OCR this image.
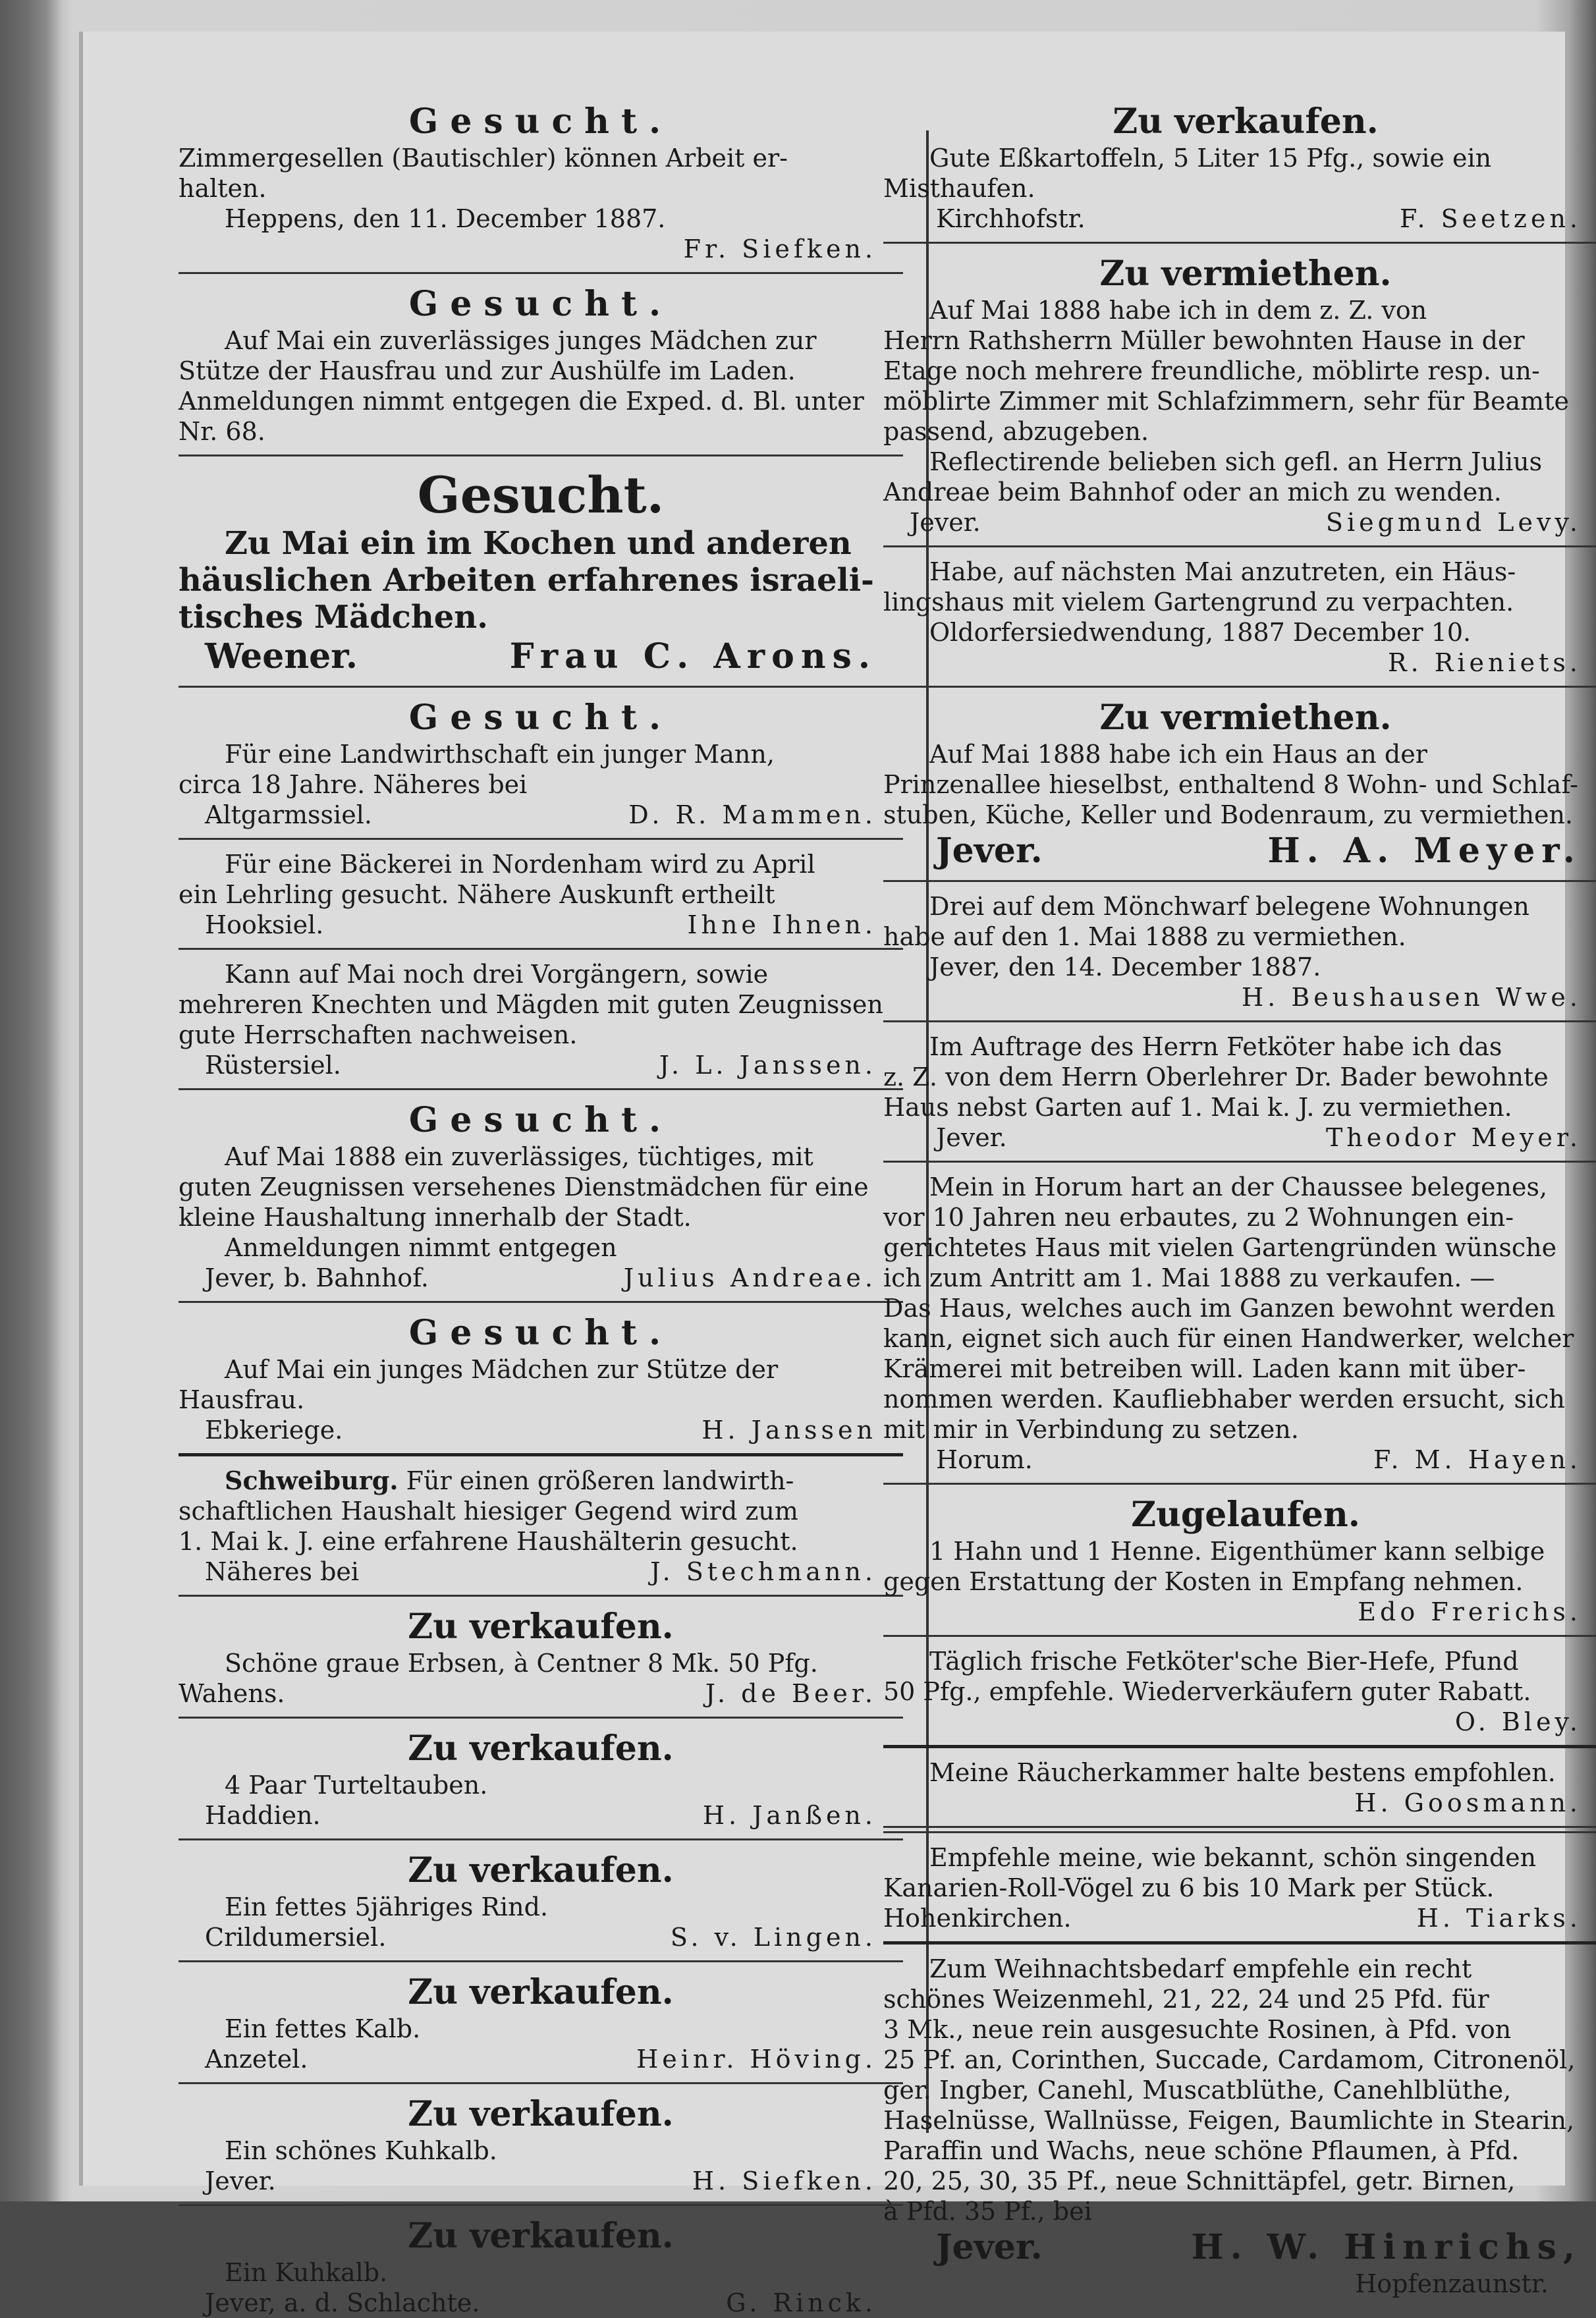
Gesucht.
Zimmergesellen (Bautischler) können Arbeit er-
halten.
Heppens, den 11. December 1887.
Fr. Siefken.
Gesucht.
Auf Mai ein zuverlässiges junges Mädchen zur
Stütze der Hausfrau und zur Aushülfe im Laden.
Anmeldungen nimmt entgegen die Exped. d. Bl. unter
Nr. 68.
Gesucht.
Zu Mai ein im Kochen und anderen
häuslichen Arbeiten erfahrenes israeli-
tisches Mädchen.
Weener.	Frau C. Arons.
Gesucht.
Für eine Landwirthschaft ein junger Mann,
circa 18 Jahre. Näheres bei
Altgarmssiel.	D. R. Mammen.
Für eine Bäckerei in Nordenham wird zu April
ein Lehrling gesucht. Nähere Auskunft ertheilt
Hooksiel.	Ihne Ihnen.
Kann auf Mai noch drei Vorgängern, sowie
mehreren Knechten und Mägden mit guten Zeugnissen
gute Herrschaften nachweisen.
Rüstersiel.	J. L. Janssen.
Gesucht.
Auf Mai 1888 ein zuverlässiges, tüchtiges, mit
guten Zeugnissen versehenes Dienstmädchen für eine
kleine Haushaltung innerhalb der Stadt.
Anmeldungen nimmt entgegen
Jever, b. Bahnhof.	Julius Andreae.
Gesucht.
Auf Mai ein junges Mädchen zur Stütze der
Hausfrau.
Ebkeriege.	H. Janssen
Schweiburg. Für einen größeren landwirth-
schaftlichen Haushalt hiesiger Gegend wird zum
1. Mai k. J. eine erfahrene Haushälterin gesucht.
Näheres bei	J. Stechmann.
Zu verkaufen.
Schöne graue Erbsen, à Centner 8 Mk. 50 Pfg.
Wahens.	J. de Beer.
Zu verkaufen.
4 Paar Turteltauben.
Haddien.	H. Janßen.
Zu verkaufen.
Ein fettes 5jähriges Rind.
Crildumersiel.	S. v. Lingen.
Zu verkaufen.
Ein fettes Kalb.
Anzetel.	Heinr. Höving.
Zu verkaufen.
Ein schönes Kuhkalb.
Jever.	H. Siefken.
Zu verkaufen.
Ein Kuhkalb.
Jever, a. d. Schlachte.	G. Rinck.
Zu verkaufen.
Gute Eßkartoffeln, 5 Liter 15 Pfg., sowie ein
Misthaufen.
Kirchhofstr.	F. Seetzen.
Zu vermiethen.
Auf Mai 1888 habe ich in dem z. Z. von
Herrn Rathsherrn Müller bewohnten Hause in der
Etage noch mehrere freundliche, möblirte resp. un-
möblirte Zimmer mit Schlafzimmern, sehr für Beamte
passend, abzugeben.
Reflectirende belieben sich gefl. an Herrn Julius
Andreae beim Bahnhof oder an mich zu wenden.
Jever.	Siegmund Levy.
Habe, auf nächsten Mai anzutreten, ein Häus-
lingshaus mit vielem Gartengrund zu verpachten.
Oldorfersiedwendung, 1887 December 10.
R. Rieniets.
Zu vermiethen.
Auf Mai 1888 habe ich ein Haus an der
Prinzenallee hieselbst, enthaltend 8 Wohn- und Schlaf-
stuben, Küche, Keller und Bodenraum, zu vermiethen.
Jever.	H. A. Meyer.
Drei auf dem Mönchwarf belegene Wohnungen
habe auf den 1. Mai 1888 zu vermiethen.
Jever, den 14. December 1887.
H. Beushausen Wwe.
Im Auftrage des Herrn Fetköter habe ich das
z. Z. von dem Herrn Oberlehrer Dr. Bader bewohnte
Haus nebst Garten auf 1. Mai k. J. zu vermiethen.
Jever.	Theodor Meyer.
Mein in Horum hart an der Chaussee belegenes,
vor 10 Jahren neu erbautes, zu 2 Wohnungen ein-
gerichtetes Haus mit vielen Gartengründen wünsche
ich zum Antritt am 1. Mai 1888 zu verkaufen. —
Das Haus, welches auch im Ganzen bewohnt werden
kann, eignet sich auch für einen Handwerker, welcher
Krämerei mit betreiben will. Laden kann mit über-
nommen werden. Kaufliebhaber werden ersucht, sich
mit mir in Verbindung zu setzen.
Horum.	F. M. Hayen.
Zugelaufen.
1 Hahn und 1 Henne. Eigenthümer kann selbige
gegen Erstattung der Kosten in Empfang nehmen.
Edo Frerichs.
Täglich frische Fetköter'sche Bier-Hefe, Pfund
50 Pfg., empfehle. Wiederverkäufern guter Rabatt.
O. Bley.
Meine Räucherkammer halte bestens empfohlen.
H. Goosmann.
Empfehle meine, wie bekannt, schön singenden
Kanarien-Roll-Vögel zu 6 bis 10 Mark per Stück.
Hohenkirchen.	H. Tiarks.
Zum Weihnachtsbedarf empfehle ein recht
schönes Weizenmehl, 21, 22, 24 und 25 Pfd. für
3 Mk., neue rein ausgesuchte Rosinen, à Pfd. von
25 Pf. an, Corinthen, Succade, Cardamom, Citronenöl,
ger. Ingber, Canehl, Muscatblüthe, Canehlblüthe,
Haselnüsse, Wallnüsse, Feigen, Baumlichte in Stearin,
Paraffin und Wachs, neue schöne Pflaumen, à Pfd.
20, 25, 30, 35 Pf., neue Schnittäpfel, getr. Birnen,
à Pfd. 35 Pf., bei
Jever.	H. W. Hinrichs,
Hopfenzaunstr.
